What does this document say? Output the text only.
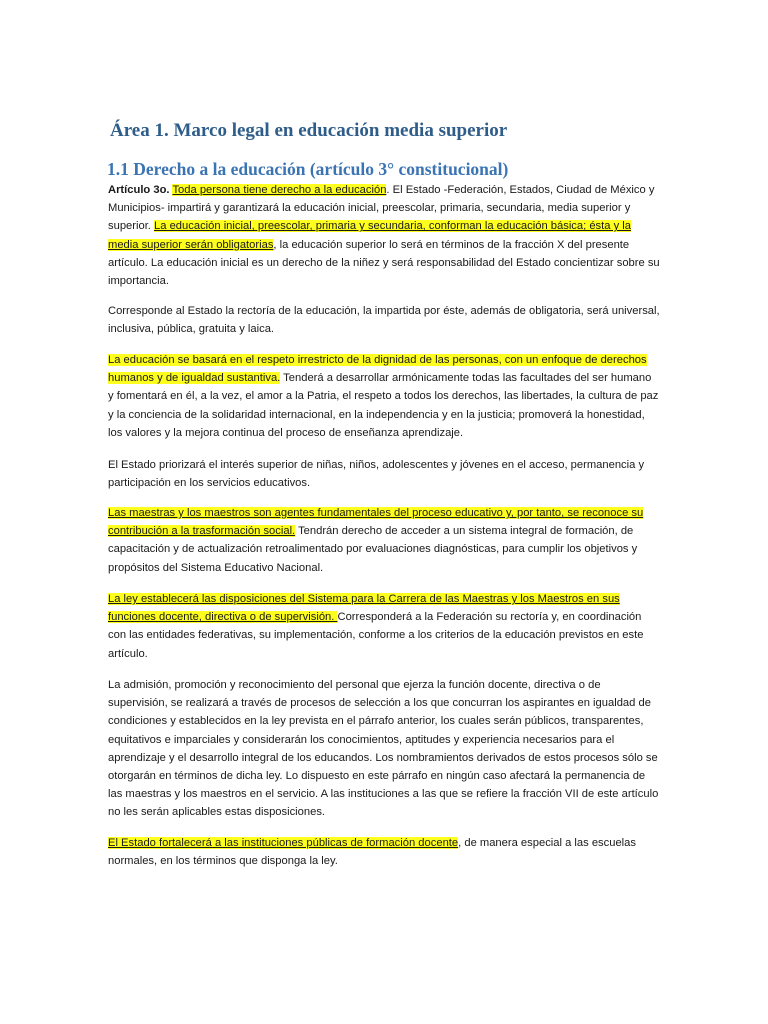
Área 1. Marco legal en educación media superior
1.1 Derecho a la educación (artículo 3° constitucional)

Artículo 3o. Toda persona tiene derecho a la educación. El Estado -Federación, Estados, Ciudad de México y Municipios- impartirá y garantizará la educación inicial, preescolar, primaria, secundaria, media superior y superior. La educación inicial, preescolar, primaria y secundaria, conforman la educación básica; ésta y la media superior serán obligatorias, la educación superior lo será en términos de la fracción X del presente artículo. La educación inicial es un derecho de la niñez y será responsabilidad del Estado concientizar sobre su importancia.

Corresponde al Estado la rectoría de la educación, la impartida por éste, además de obligatoria, será universal, inclusiva, pública, gratuita y laica.

La educación se basará en el respeto irrestricto de la dignidad de las personas, con un enfoque de derechos humanos y de igualdad sustantiva. Tenderá a desarrollar armónicamente todas las facultades del ser humano y fomentará en él, a la vez, el amor a la Patria, el respeto a todos los derechos, las libertades, la cultura de paz y la conciencia de la solidaridad internacional, en la independencia y en la justicia; promoverá la honestidad, los valores y la mejora continua del proceso de enseñanza aprendizaje.

El Estado priorizará el interés superior de niñas, niños, adolescentes y jóvenes en el acceso, permanencia y participación en los servicios educativos.

Las maestras y los maestros son agentes fundamentales del proceso educativo y, por tanto, se reconoce su contribución a la trasformación social. Tendrán derecho de acceder a un sistema integral de formación, de capacitación y de actualización retroalimentado por evaluaciones diagnósticas, para cumplir los objetivos y propósitos del Sistema Educativo Nacional.

La ley establecerá las disposiciones del Sistema para la Carrera de las Maestras y los Maestros en sus funciones docente, directiva o de supervisión. Corresponderá a la Federación su rectoría y, en coordinación con las entidades federativas, su implementación, conforme a los criterios de la educación previstos en este artículo.

La admisión, promoción y reconocimiento del personal que ejerza la función docente, directiva o de supervisión, se realizará a través de procesos de selección a los que concurran los aspirantes en igualdad de condiciones y establecidos en la ley prevista en el párrafo anterior, los cuales serán públicos, transparentes, equitativos e imparciales y considerarán los conocimientos, aptitudes y experiencia necesarios para el aprendizaje y el desarrollo integral de los educandos. Los nombramientos derivados de estos procesos sólo se otorgarán en términos de dicha ley. Lo dispuesto en este párrafo en ningún caso afectará la permanencia de las maestras y los maestros en el servicio. A las instituciones a las que se refiere la fracción VII de este artículo no les serán aplicables estas disposiciones.

El Estado fortalecerá a las instituciones públicas de formación docente, de manera especial a las escuelas normales, en los términos que disponga la ley.
